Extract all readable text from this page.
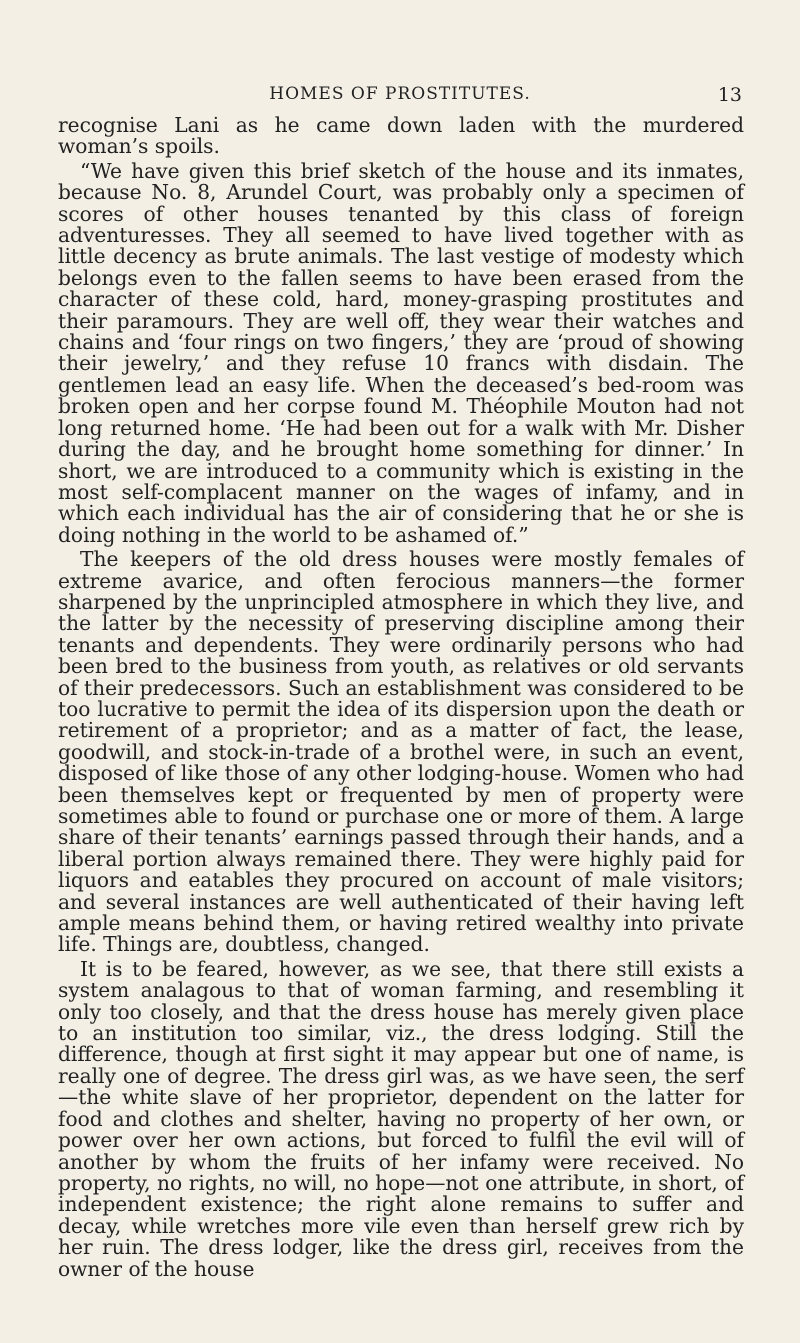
HOMES OF PROSTITUTES.	13

recognise Lani as he came down laden with the murdered woman’s spoils.

“We have given this brief sketch of the house and its inmates, because No. 8, Arundel Court, was probably only a specimen of scores of other houses tenanted by this class of foreign adventuresses. They all seemed to have lived together with as little decency as brute animals. The last vestige of modesty which belongs even to the fallen seems to have been erased from the character of these cold, hard, money-grasping prostitutes and their paramours. They are well off, they wear their watches and chains and ‘four rings on two fingers,’ they are ‘proud of showing their jewelry,’ and they refuse 10 francs with disdain. The gentlemen lead an easy life. When the deceased’s bed-room was broken open and her corpse found M. Théophile Mouton had not long returned home. ‘He had been out for a walk with Mr. Disher during the day, and he brought home something for dinner.’ In short, we are introduced to a community which is existing in the most self-complacent manner on the wages of infamy, and in which each individual has the air of considering that he or she is doing nothing in the world to be ashamed of.”

The keepers of the old dress houses were mostly females of extreme avarice, and often ferocious manners—the former sharpened by the unprincipled atmosphere in which they live, and the latter by the necessity of preserving discipline among their tenants and dependents. They were ordinarily persons who had been bred to the business from youth, as relatives or old servants of their predecessors. Such an establishment was considered to be too lucrative to permit the idea of its dispersion upon the death or retirement of a proprietor; and as a matter of fact, the lease, goodwill, and stock-in-trade of a brothel were, in such an event, disposed of like those of any other lodging-house. Women who had been themselves kept or frequented by men of property were sometimes able to found or purchase one or more of them. A large share of their tenants’ earnings passed through their hands, and a liberal portion always remained there. They were highly paid for liquors and eatables they procured on account of male visitors; and several instances are well authenticated of their having left ample means behind them, or having retired wealthy into private life. Things are, doubtless, changed.

It is to be feared, however, as we see, that there still exists a system analagous to that of woman farming, and resembling it only too closely, and that the dress house has merely given place to an institution too similar, viz., the dress lodging. Still the difference, though at first sight it may appear but one of name, is really one of degree. The dress girl was, as we have seen, the serf—the white slave of her proprietor, dependent on the latter for food and clothes and shelter, having no property of her own, or power over her own actions, but forced to fulfil the evil will of another by whom the fruits of her infamy were received. No property, no rights, no will, no hope—not one attribute, in short, of independent existence; the right alone remains to suffer and decay, while wretches more vile even than herself grew rich by her ruin. The dress lodger, like the dress girl, receives from the owner of the house
